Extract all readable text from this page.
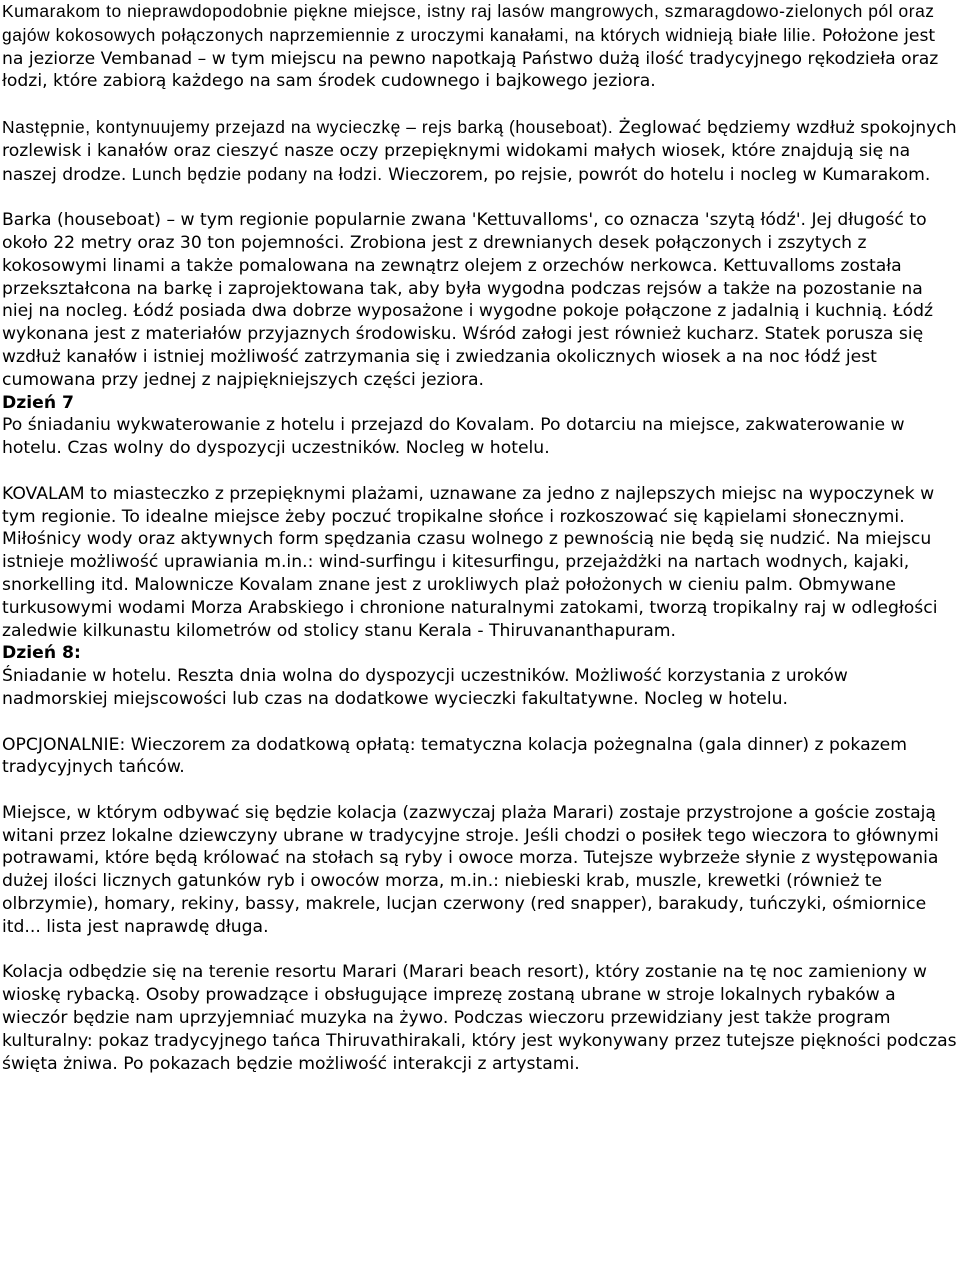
Kumarakom to nieprawdopodobnie piękne miejsce, istny raj lasów mangrowych, szmaragdowo-zielonych pól oraz gajów kokosowych połączonych naprzemiennie z uroczymi kanałami, na których widnieją białe lilie. Położone jest na jeziorze Vembanad – w tym miejscu na pewno napotkają Państwo dużą ilość tradycyjnego rękodzieła oraz łodzi, które zabiorą każdego na sam środek cudownego i bajkowego jeziora.

Następnie, kontynuujemy przejazd na wycieczkę – rejs barką (houseboat). Żeglować będziemy wzdłuż spokojnych rozlewisk i kanałów oraz cieszyć nasze oczy przepięknymi widokami małych wiosek, które znajdują się na naszej drodze. Lunch będzie podany na łodzi. Wieczorem, po rejsie, powrót do hotelu i nocleg w Kumarakom.

Barka (houseboat) – w tym regionie popularnie zwana 'Kettuvalloms', co oznacza 'szytą łódź'. Jej długość to około 22 metry oraz 30 ton pojemności. Zrobiona jest z drewnianych desek połączonych i zszytych z kokosowymi linami a także pomalowana na zewnątrz olejem z orzechów nerkowca. Kettuvalloms została przekształcona na barkę i zaprojektowana tak, aby była wygodna podczas rejsów a także na pozostanie na niej na nocleg. Łódź posiada dwa dobrze wyposażone i wygodne pokoje połączone z jadalnią i kuchnią. Łódź wykonana jest z materiałów przyjaznych środowisku. Wśród załogi jest również kucharz. Statek porusza się wzdłuż kanałów i istniej możliwość zatrzymania się i zwiedzania okolicznych wiosek a na noc łódź jest cumowana przy jednej z najpiękniejszych części jeziora.

Dzień 7

Po śniadaniu wykwaterowanie z hotelu i przejazd do Kovalam. Po dotarciu na miejsce, zakwaterowanie w hotelu. Czas wolny do dyspozycji uczestników. Nocleg w hotelu.

KOVALAM to miasteczko z przepięknymi plażami, uznawane za jedno z najlepszych miejsc na wypoczynek w tym regionie. To idealne miejsce żeby poczuć tropikalne słońce i rozkoszować się kąpielami słonecznymi. Miłośnicy wody oraz aktywnych form spędzania czasu wolnego z pewnością nie będą się nudzić. Na miejscu istnieje możliwość uprawiania m.in.: wind-surfingu i kitesurfingu, przejażdżki na nartach wodnych, kajaki, snorkelling itd. Malownicze Kovalam znane jest z urokliwych plaż położonych w cieniu palm. Obmywane turkusowymi wodami Morza Arabskiego i chronione naturalnymi zatokami, tworzą tropikalny raj w odległości zaledwie kilkunastu kilometrów od stolicy stanu Kerala - Thiruvananthapuram.

Dzień 8:

Śniadanie w hotelu. Reszta dnia wolna do dyspozycji uczestników. Możliwość korzystania z uroków nadmorskiej miejscowości lub czas na dodatkowe wycieczki fakultatywne. Nocleg w hotelu.

OPCJONALNIE: Wieczorem za dodatkową opłatą: tematyczna kolacja pożegnalna (gala dinner) z pokazem tradycyjnych tańców.

Miejsce, w którym odbywać się będzie kolacja (zazwyczaj plaża Marari) zostaje przystrojone a goście zostają witani przez lokalne dziewczyny ubrane w tradycyjne stroje. Jeśli chodzi o posiłek tego wieczora to głównymi potrawami, które będą królować na stołach są ryby i owoce morza. Tutejsze wybrzeże słynie z występowania dużej ilości licznych gatunków ryb i owoców morza, m.in.: niebieski krab, muszle, krewetki (również te olbrzymie), homary, rekiny, bassy, makrele, lucjan czerwony (red snapper), barakudy, tuńczyki, ośmiornice itd... lista jest naprawdę długa.

Kolacja odbędzie się na terenie resortu Marari (Marari beach resort), który zostanie na tę noc zamieniony w wioskę rybacką. Osoby prowadzące i obsługujące imprezę zostaną ubrane w stroje lokalnych rybaków a wieczór będzie nam uprzyjemniać muzyka na żywo. Podczas wieczoru przewidziany jest także program kulturalny: pokaz tradycyjnego tańca Thiruvathirakali, który jest wykonywany przez tutejsze piękności podczas święta żniwa. Po pokazach będzie możliwość interakcji z artystami.
